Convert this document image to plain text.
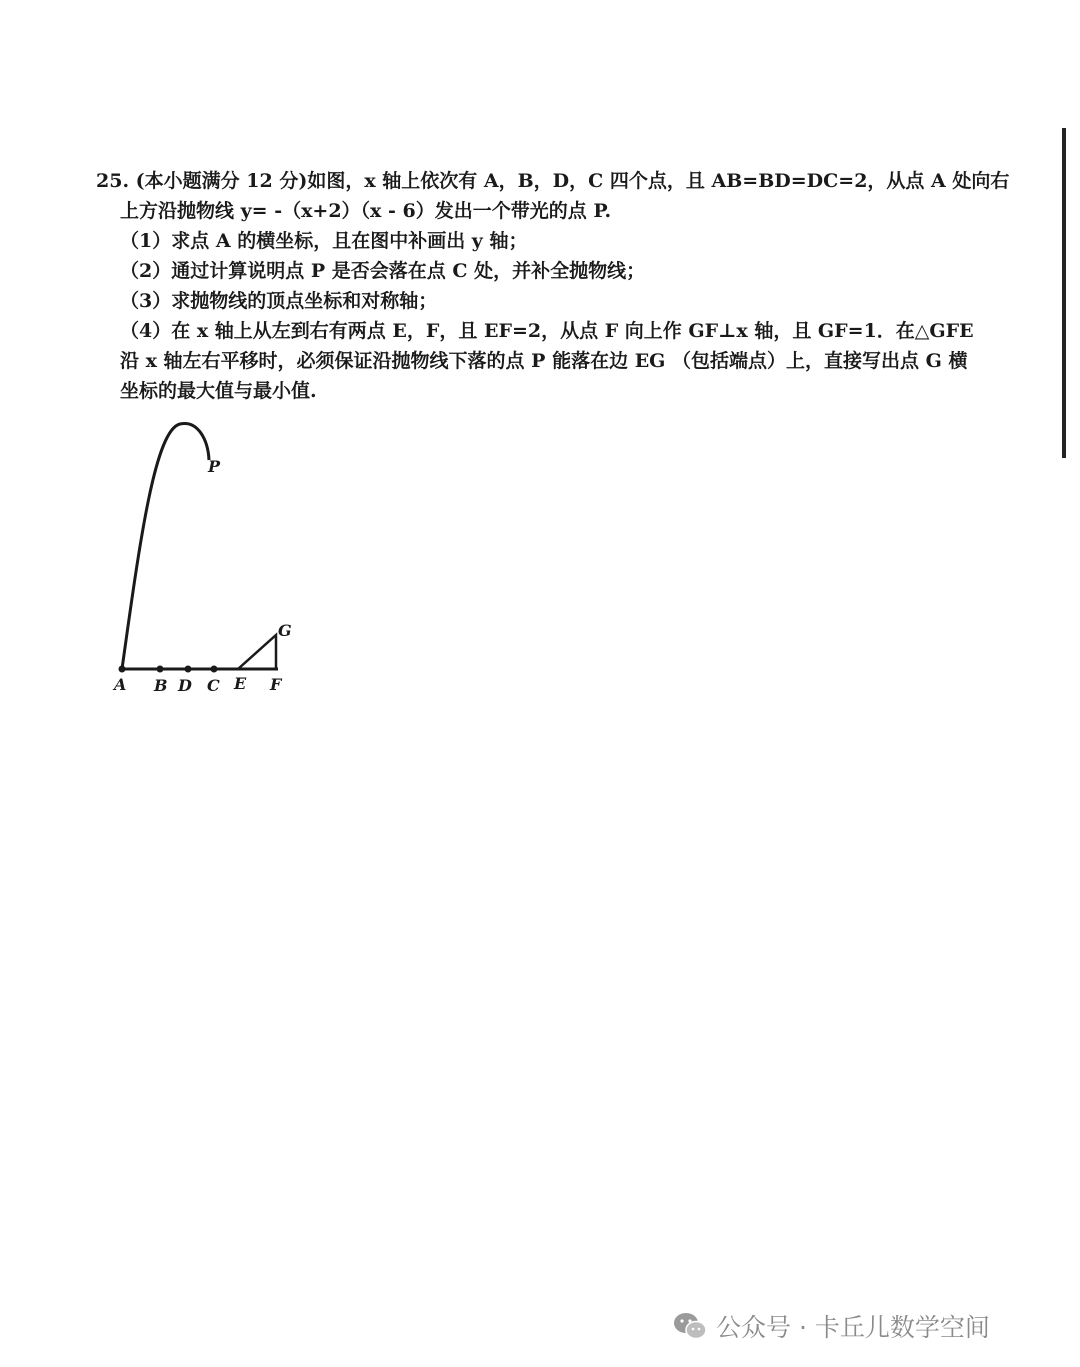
25. (本小题满分 12 分)如图，x 轴上依次有 A，B，D，C 四个点，且 AB=BD=DC=2，从点 A 处向右
上方沿抛物线 y= -（x+2）（x - 6）发出一个带光的点 P.
（1）求点 A 的横坐标，且在图中补画出 y 轴；
（2）通过计算说明点 P 是否会落在点 C 处，并补全抛物线；
（3）求抛物线的顶点坐标和对称轴；
（4）在 x 轴上从左到右有两点 E，F，且 EF=2，从点 F 向上作 GF⊥x 轴，且 GF=1．在△GFE
沿 x 轴左右平移时，必须保证沿抛物线下落的点 P 能落在边 EG （包括端点）上，直接写出点 G 横
坐标的最大值与最小值.
P
A B D C E F
G
公众号 · 卡丘儿数学空间
